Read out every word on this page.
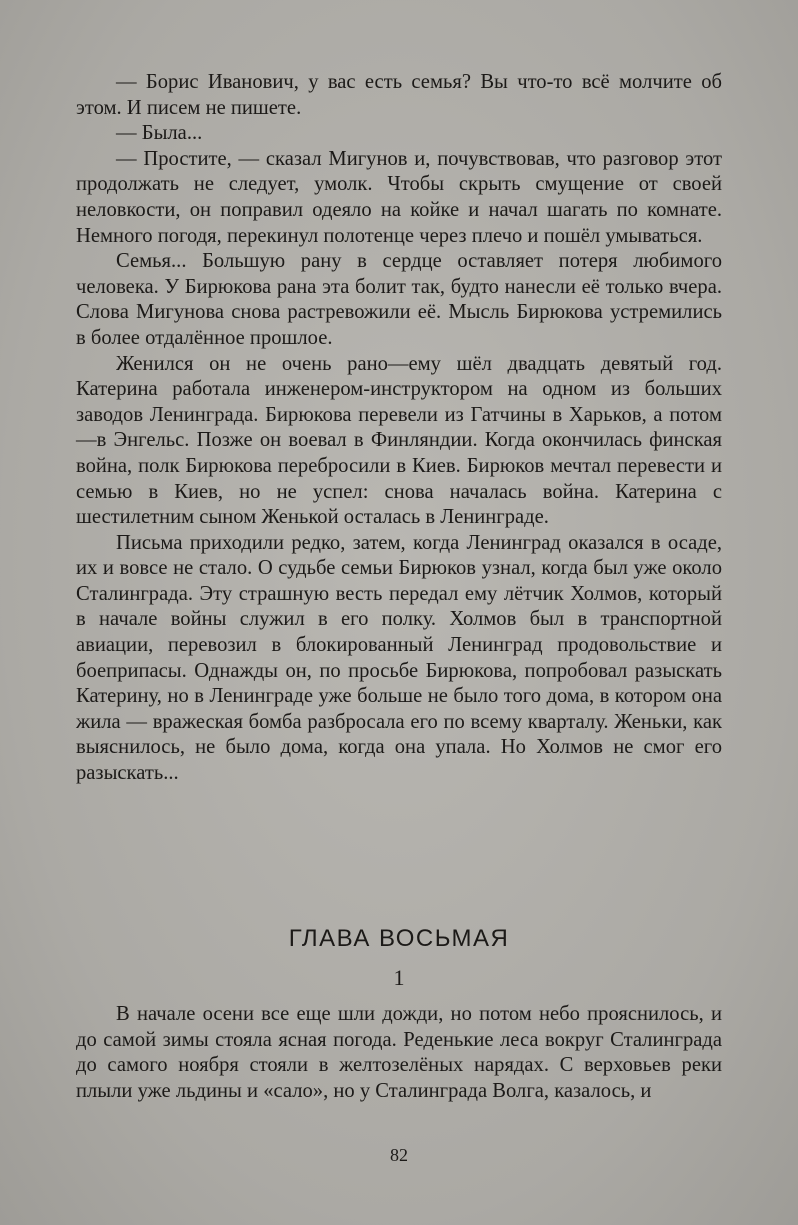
— Борис Иванович, у вас есть семья? Вы что-то всё молчите об этом. И писем не пишете.

— Была...

— Простите, — сказал Мигунов и, почувствовав, что разговор этот продолжать не следует, умолк. Чтобы скрыть смущение от своей неловкости, он поправил одеяло на койке и начал шагать по комнате. Немного погодя, перекинул полотенце через плечо и пошёл умываться.

Семья... Большую рану в сердце оставляет потеря любимого человека. У Бирюкова рана эта болит так, будто нанесли её только вчера. Слова Мигунова снова растревожили её. Мысль Бирюкова устремились в более отдалённое прошлое.

Женился он не очень рано—ему шёл двадцать девятый год. Катерина работала инженером-инструктором на одном из больших заводов Ленинграда. Бирюкова перевели из Гатчины в Харьков, а потом—в Энгельс. Позже он воевал в Финляндии. Когда окончилась финская война, полк Бирюкова перебросили в Киев. Бирюков мечтал перевести и семью в Киев, но не успел: снова началась война. Катерина с шестилетним сыном Женькой осталась в Ленинграде.

Письма приходили редко, затем, когда Ленинград оказался в осаде, их и вовсе не стало. О судьбе семьи Бирюков узнал, когда был уже около Сталинграда. Эту страшную весть передал ему лётчик Холмов, который в начале войны служил в его полку. Холмов был в транспортной авиации, перевозил в блокированный Ленинград продовольствие и боеприпасы. Однажды он, по просьбе Бирюкова, попробовал разыскать Катерину, но в Ленинграде уже больше не было того дома, в котором она жила — вражеская бомба разбросала его по всему кварталу. Женьки, как выяснилось, не было дома, когда она упала. Но Холмов не смог его разыскать...

ГЛАВА ВОСЬМАЯ
1

В начале осени все еще шли дожди, но потом небо прояснилось, и до самой зимы стояла ясная погода. Реденькие леса вокруг Сталинграда до самого ноября стояли в желтозелёных нарядах. С верховьев реки плыли уже льдины и «сало», но у Сталинграда Волга, казалось, и

82
